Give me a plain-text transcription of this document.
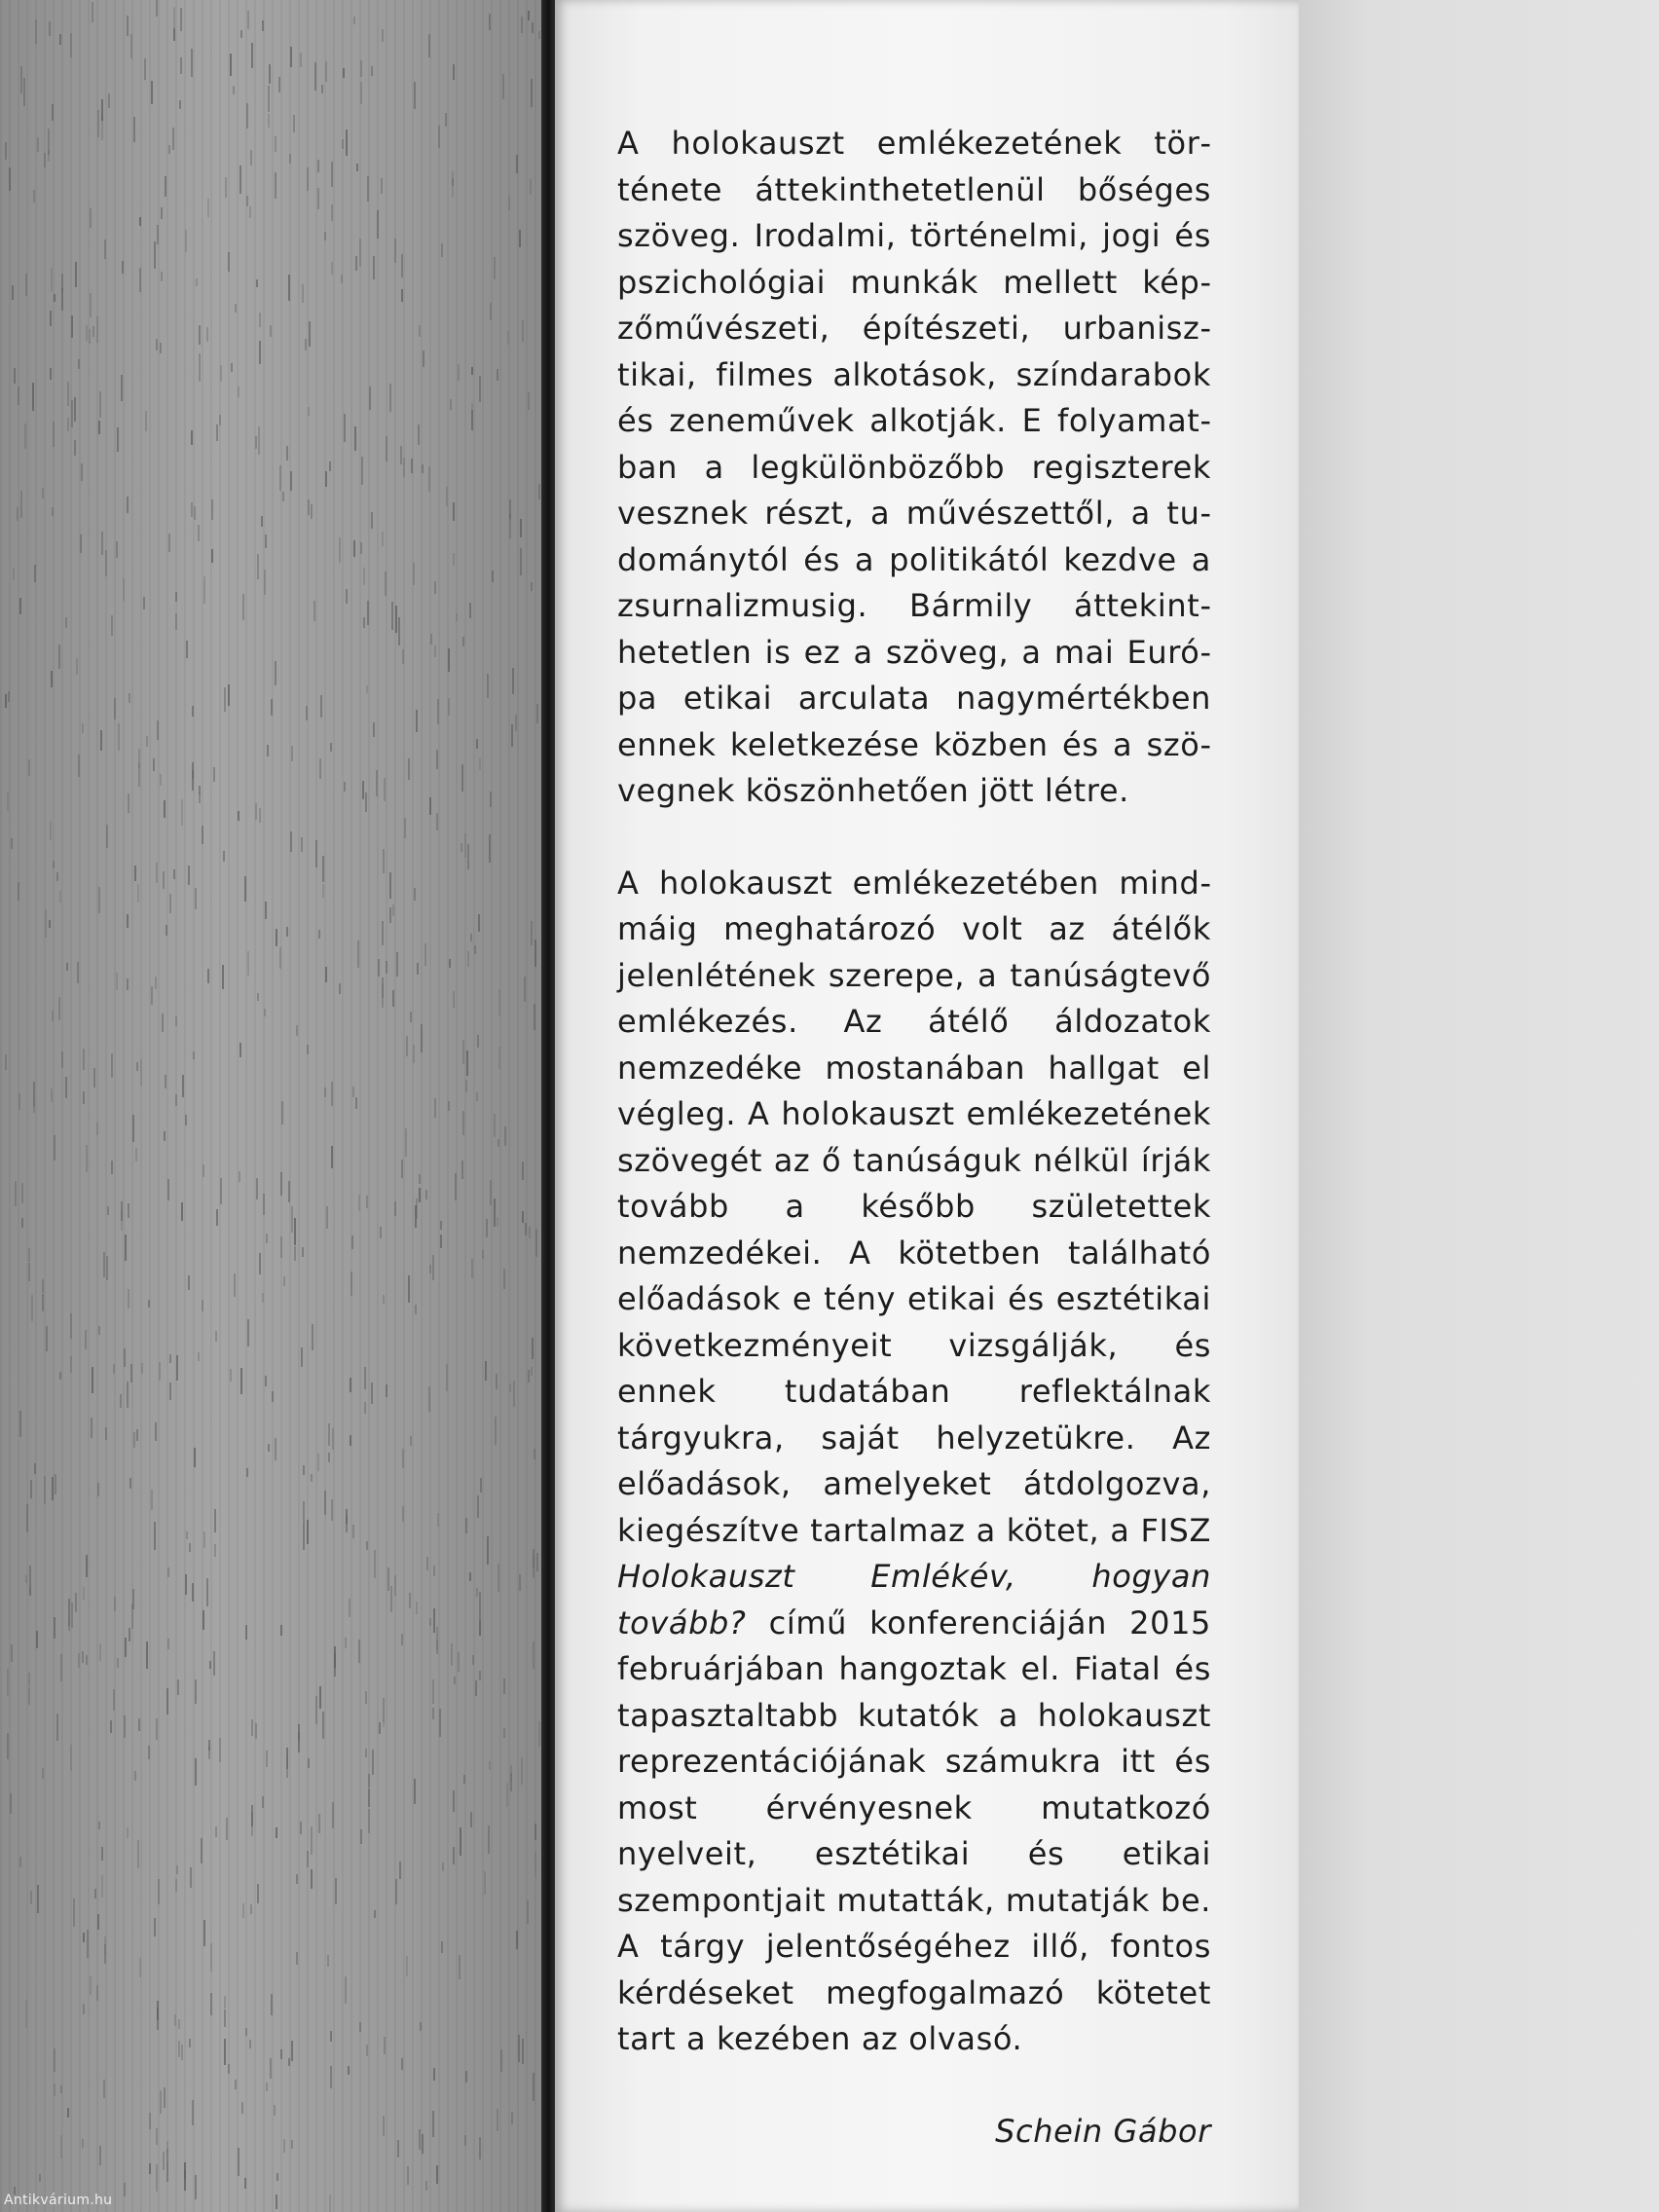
A holokauszt emlékezetének története áttekinthetetlenül bőséges szöveg. Irodalmi, történelmi, jogi és pszichológiai munkák mellett képzőművészeti, építészeti, urbanisztikai, filmes alkotások, színdarabok és zeneművek alkotják. E folyamatban a legkülönbözőbb regiszterek vesznek részt, a művészettől, a tudománytól és a politikától kezdve a zsurnalizmusig. Bármily áttekinthetetlen is ez a szöveg, a mai Európa etikai arculata nagymértékben ennek keletkezése közben és a szövegnek köszönhetően jött létre.

A holokauszt emlékezetében mindmáig meghatározó volt az átélők jelenlétének szerepe, a tanúságtevő emlékezés. Az átélő áldozatok nemzedéke mostanában hallgat el végleg. A holokauszt emlékezetének szövegét az ő tanúságuk nélkül írják tovább a később születettek nemzedékei. A kötetben található előadások e tény etikai és esztétikai következményeit vizsgálják, és ennek tudatában reflektálnak tárgyukra, saját helyzetükre. Az előadások, amelyeket átdolgozva, kiegészítve tartalmaz a kötet, a FISZ Holokauszt Emlékév, hogyan tovább? című konferenciáján 2015 februárjában hangoztak el. Fiatal és tapasztaltabb kutatók a holokauszt reprezentációjának számukra itt és most érvényesnek mutatkozó nyelveit, esztétikai és etikai szempontjait mutatták, mutatják be. A tárgy jelentőségéhez illő, fontos kérdéseket megfogalmazó kötetet tart a kezében az olvasó.

Schein Gábor

Antikvárium.hu
